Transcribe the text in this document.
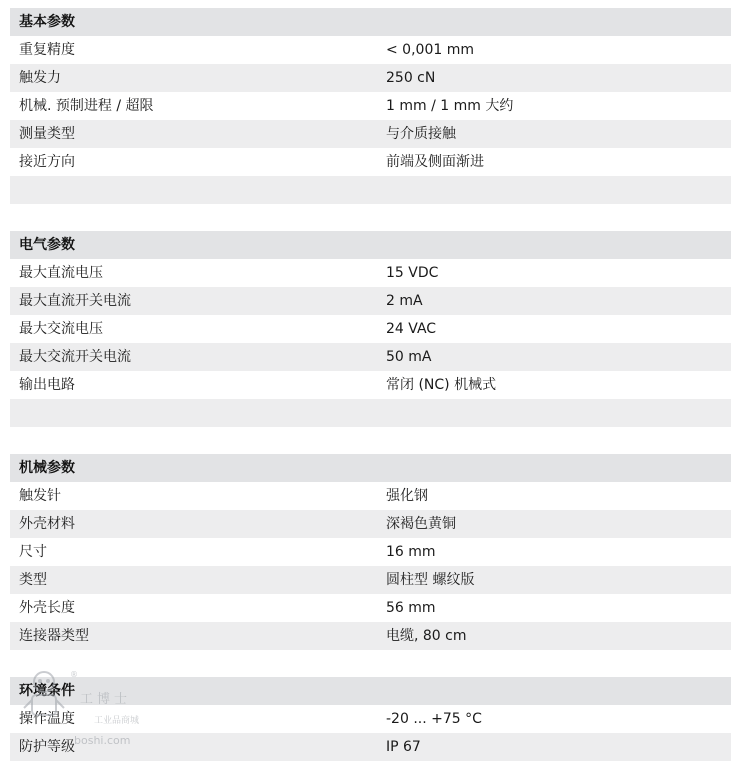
基本参数
重复精度	< 0,001 mm
触发力	250 cN
机械. 预制进程 / 超限	1 mm / 1 mm 大约
测量类型	与介质接触
接近方向	前端及侧面渐进
电气参数
最大直流电压	15 VDC
最大直流开关电流	2 mA
最大交流电压	24 VAC
最大交流开关电流	50 mA
输出电路	常闭 (NC) 机械式
机械参数
触发针	强化钢
外壳材料	深褐色黄铜
尺寸	16 mm
类型	圆柱型 螺纹版
外壳长度	56 mm
连接器类型	电缆, 80 cm
环境条件
操作温度	-20 ... +75 °C
防护等级	IP 67
®
工博士
工业品商城
boshi.com
